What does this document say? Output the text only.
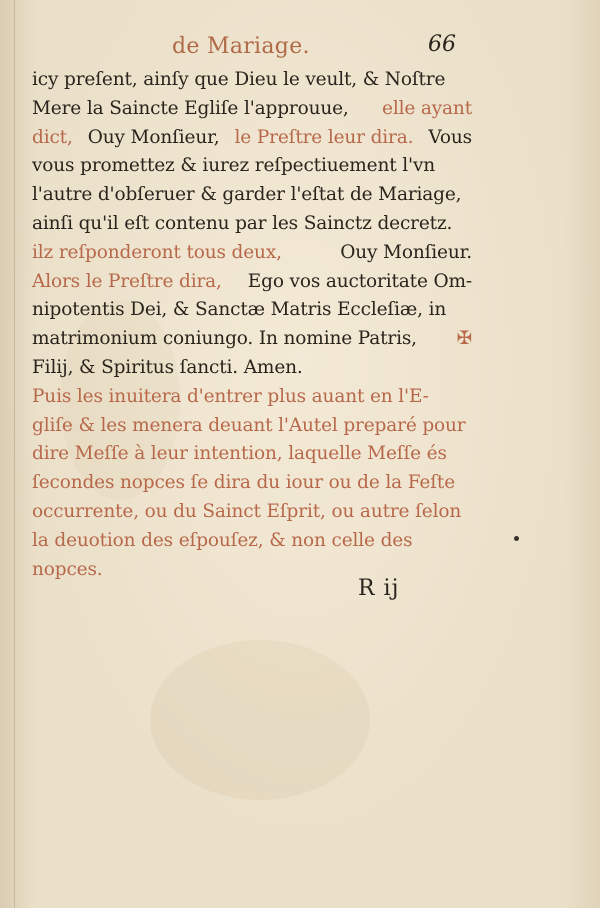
de Mariage.	66
icy preſent, ainſy que Dieu le veult, & Noſtre
Mere la Saincte Egliſe l'approuue, elle ayant
dict, Ouy Monſieur, le Preſtre leur dira. Vous
vous promettez & iurez reſpectiuement l'vn
l'autre d'obſeruer & garder l'eſtat de Mariage,
ainſi qu'il eſt contenu par les Sainctz decretz.
ilz reſponderont tous deux,	Ouy Monſieur.
Alors le Preſtre dira, Ego vos auctoritate Om-
nipotentis Dei, & Sanctæ Matris Eccleſiæ, in
matrimonium coniungo. In nomine Patris, ✠
Filij, & Spiritus ſancti. Amen.
Puis les inuitera d'entrer plus auant en l'E-
gliſe & les menera deuant l'Autel preparé pour
dire Meſſe à leur intention, laquelle Meſſe és
ſecondes nopces ſe dira du iour ou de la Feſte
occurrente, ou du Sainct Eſprit, ou autre ſelon
la deuotion des eſpouſez, & non celle des
nopces.
R ij
